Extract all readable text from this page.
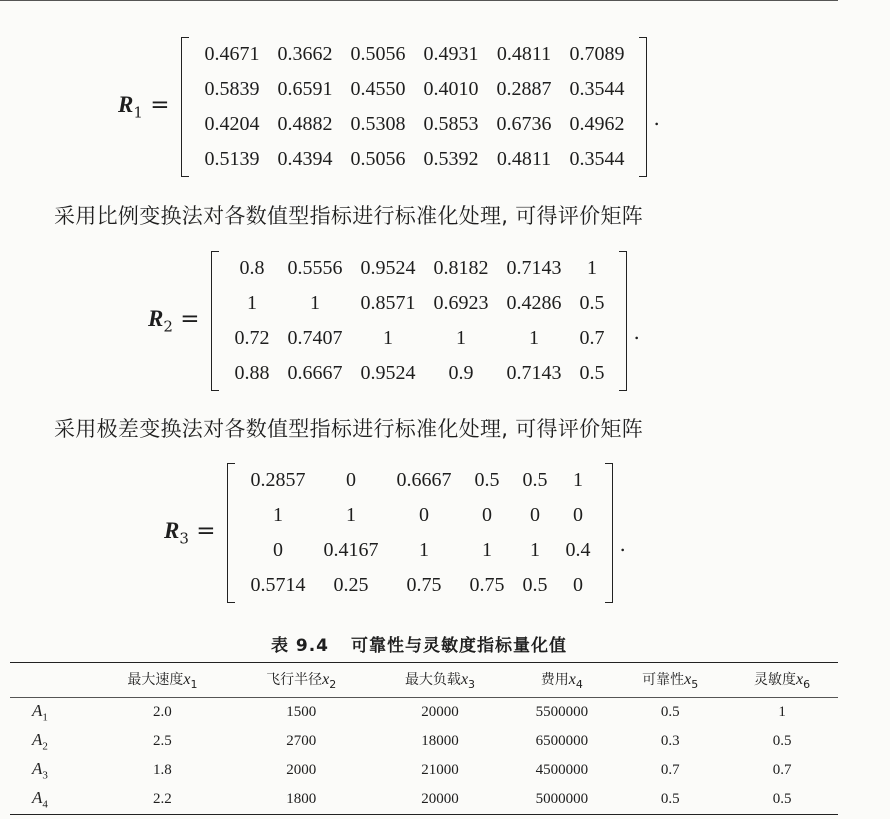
$R_1$ =
0.4671	0.3662	0.5056	0.4931	0.4811	0.7089
0.5839	0.6591	0.4550	0.4010	0.2887	0.3544
0.4204	0.4882	0.5308	0.5853	0.6736	0.4962
0.5139	0.4394	0.5056	0.5392	0.4811	0.3544
.
采用比例变换法对各数值型指标进行标准化处理, 可得评价矩阵
$R_2$ =
0.8	0.5556	0.9524	0.8182	0.7143	1
1	1	0.8571	0.6923	0.4286	0.5
0.72	0.7407	1	1	1	0.7
0.88	0.6667	0.9524	0.9	0.7143	0.5
.
采用极差变换法对各数值型指标进行标准化处理, 可得评价矩阵
$R_3$ =
0.2857	0	0.6667	0.5	0.5	1
1	1	0	0	0	0
0	0.4167	1	1	1	0.4
0.5714	0.25	0.75	0.75	0.5	0
.
表 9.4 可靠性与灵敏度指标量化值
	最大速度$x_1$	飞行半径$x_2$	最大负载$x_3$	费用$x_4$	可靠性$x_5$	灵敏度$x_6$
$A_1$	2.0	1500	20000	5500000	0.5	1
$A_2$	2.5	2700	18000	6500000	0.3	0.5
$A_3$	1.8	2000	21000	4500000	0.7	0.7
$A_4$	2.2	1800	20000	5000000	0.5	0.5
